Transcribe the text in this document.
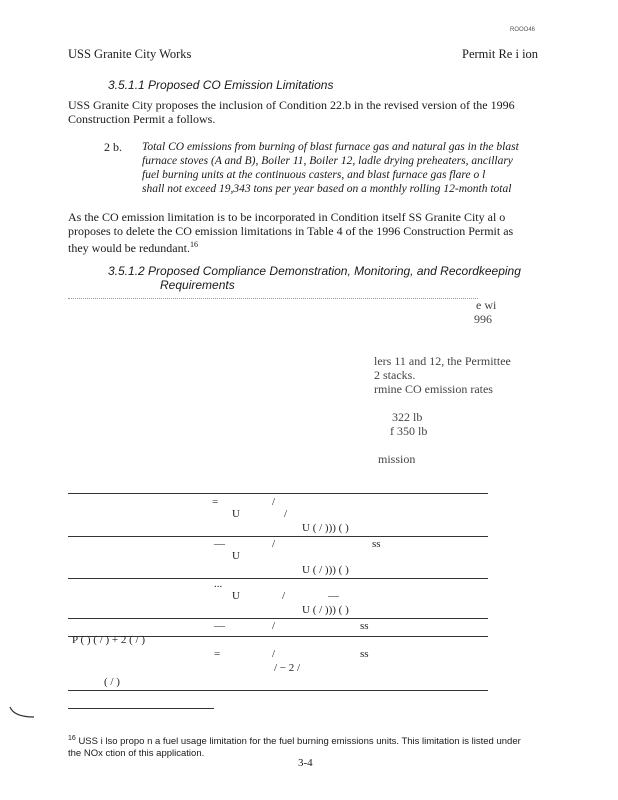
ROOO46
USS Granite City Works	Permit Re i ion
3.5.1.1 Proposed CO Emission Limitations
USS Granite City proposes the inclusion of Condition 22.b in the revised version of the 1996
Construction Permit a follows.
2 b. Total CO emissions from burning of blast furnace gas and natural gas in the blast
furnace stoves (A and B), Boiler 11, Boiler 12, ladle drying preheaters, ancillary
fuel burning units at the continuous casters, and blast furnace gas flare o l
shall not exceed 19,343 tons per year based on a monthly rolling 12-month total
As the CO emission limitation is to be incorporated in Condition itself SS Granite City al o
proposes to delete the CO emission limitations in Table 4 of the 1996 Construction Permit as
they would be redundant.$^{16}$
3.5.1.2 Proposed Compliance Demonstration, Monitoring, and Recordkeeping
Requirements
e wi
996
lers 11 and 12, the Permittee
2 stacks.
rmine CO emission rates
322 lb
f 350 lb
mission
=	/
U	/
U ( / ))) ( )
—	/	ss
U
U ( / ))) ( )
...
U	/	—
U ( / ))) ( )
—	/	ss
P ( ) ( / ) + 2 ( / )
=	/	ss
/ − 2 /
( / )
$^{16}$ USS i lso propo n a fuel usage limitation for the fuel burning emissions units. This limitation is listed under
the NOx ction of this application.
3-4
